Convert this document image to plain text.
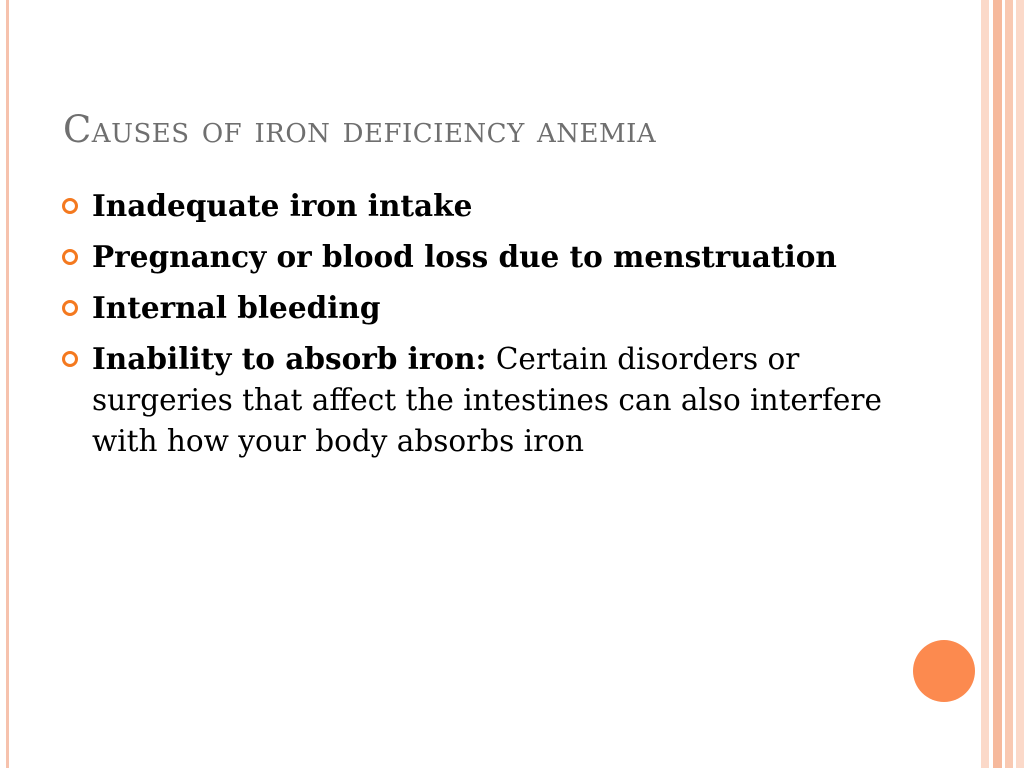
Causes of iron deficiency anemia
Inadequate iron intake
Pregnancy or blood loss due to menstruation
Internal bleeding
Inability to absorb iron: Certain disorders or surgeries that affect the intestines can also interfere with how your body absorbs iron
